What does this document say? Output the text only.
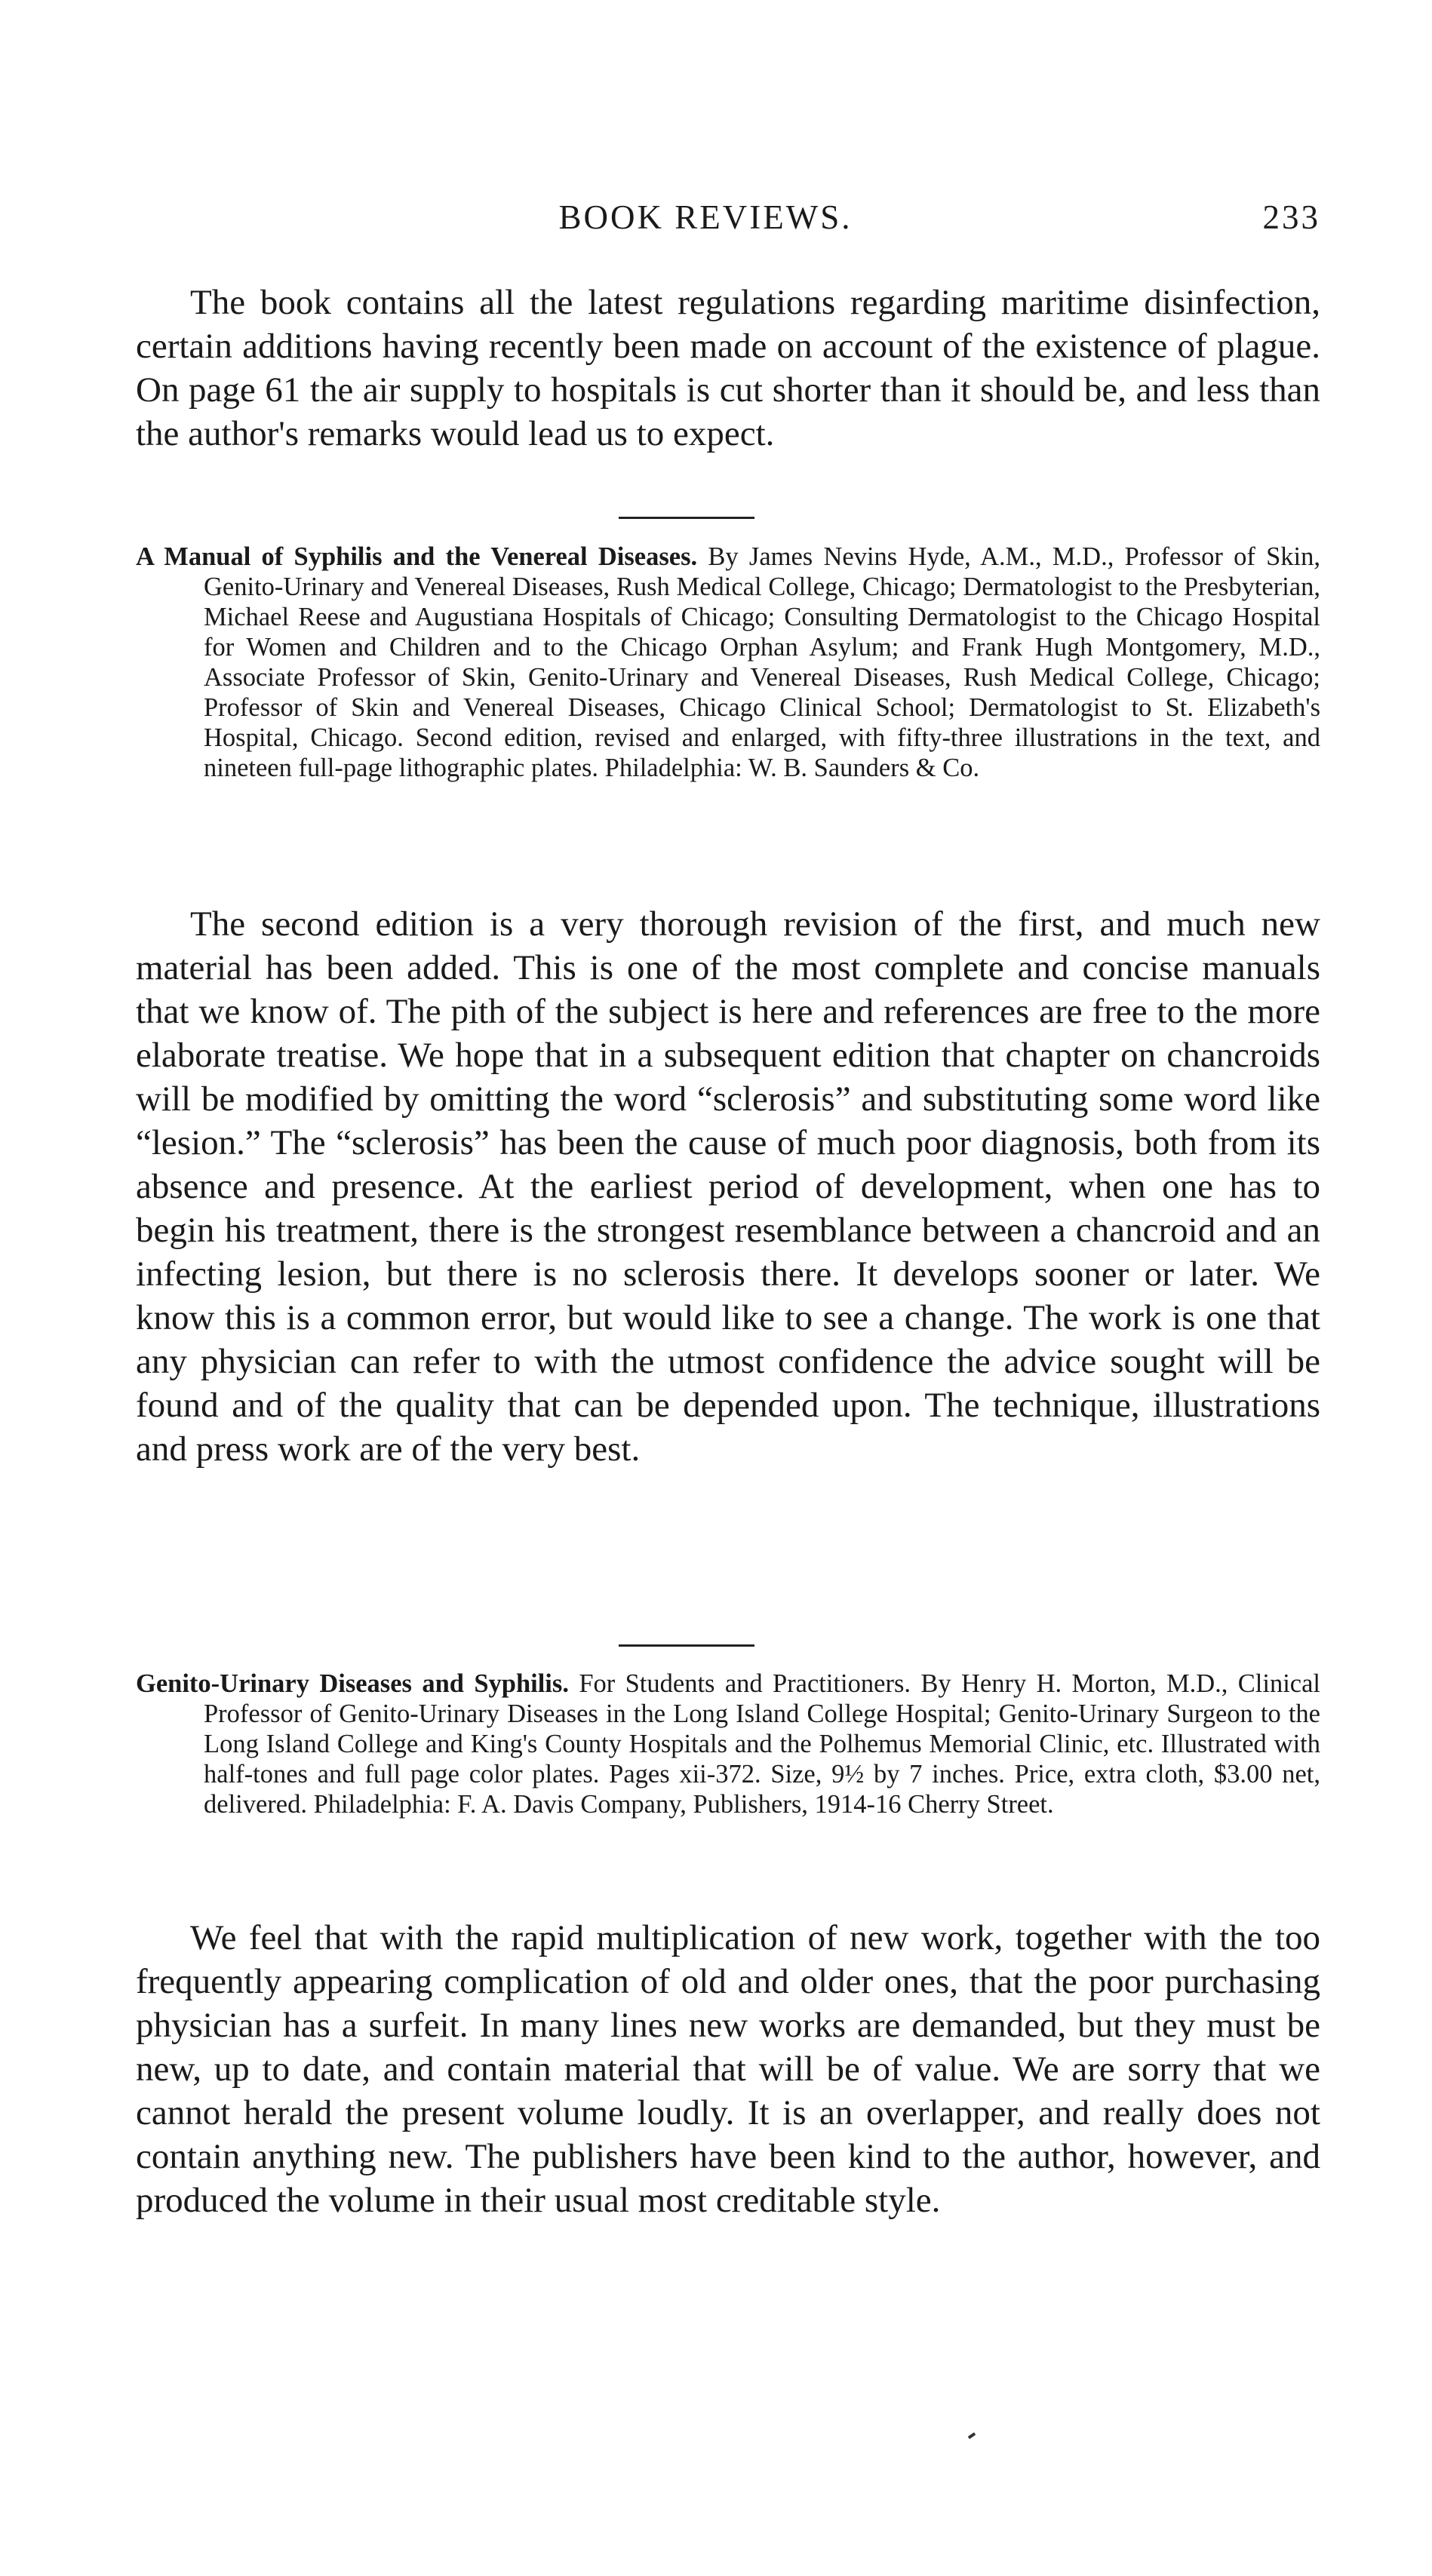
BOOK REVIEWS.	233

The book contains all the latest regulations regarding maritime disinfection, certain additions having recently been made on account of the existence of plague. On page 61 the air supply to hospitals is cut shorter than it should be, and less than the author's remarks would lead us to expect.

A Manual of Syphilis and the Venereal Diseases. By James Nevins Hyde, A.M., M.D., Professor of Skin, Genito-Urinary and Venereal Diseases, Rush Medical College, Chicago; Dermatologist to the Presbyterian, Michael Reese and Augustiana Hospitals of Chicago; Consulting Dermatologist to the Chicago Hospital for Women and Children and to the Chicago Orphan Asylum; and Frank Hugh Montgomery, M.D., Associate Professor of Skin, Genito-Urinary and Venereal Diseases, Rush Medical College, Chicago; Professor of Skin and Venereal Diseases, Chicago Clinical School; Dermatologist to St. Elizabeth's Hospital, Chicago. Second edition, revised and enlarged, with fifty-three illustrations in the text, and nineteen full-page lithographic plates. Philadelphia: W. B. Saunders & Co.

The second edition is a very thorough revision of the first, and much new material has been added. This is one of the most complete and concise manuals that we know of. The pith of the subject is here and references are free to the more elaborate treatise. We hope that in a subsequent edition that chapter on chancroids will be modified by omitting the word “sclerosis” and substituting some word like “lesion.” The “sclerosis” has been the cause of much poor diagnosis, both from its absence and presence. At the earliest period of development, when one has to begin his treatment, there is the strongest resemblance between a chancroid and an infecting lesion, but there is no sclerosis there. It develops sooner or later. We know this is a common error, but would like to see a change. The work is one that any physician can refer to with the utmost confidence the advice sought will be found and of the quality that can be depended upon. The technique, illustrations and press work are of the very best.

Genito-Urinary Diseases and Syphilis. For Students and Practitioners. By Henry H. Morton, M.D., Clinical Professor of Genito-Urinary Diseases in the Long Island College Hospital; Genito-Urinary Surgeon to the Long Island College and King's County Hospitals and the Polhemus Memorial Clinic, etc. Illustrated with half-tones and full page color plates. Pages xii-372. Size, 9½ by 7 inches. Price, extra cloth, $3.00 net, delivered. Philadelphia: F. A. Davis Company, Publishers, 1914-16 Cherry Street.

We feel that with the rapid multiplication of new work, together with the too frequently appearing complication of old and older ones, that the poor purchasing physician has a surfeit. In many lines new works are demanded, but they must be new, up to date, and contain material that will be of value. We are sorry that we cannot herald the present volume loudly. It is an overlapper, and really does not contain anything new. The publishers have been kind to the author, however, and produced the volume in their usual most creditable style.
